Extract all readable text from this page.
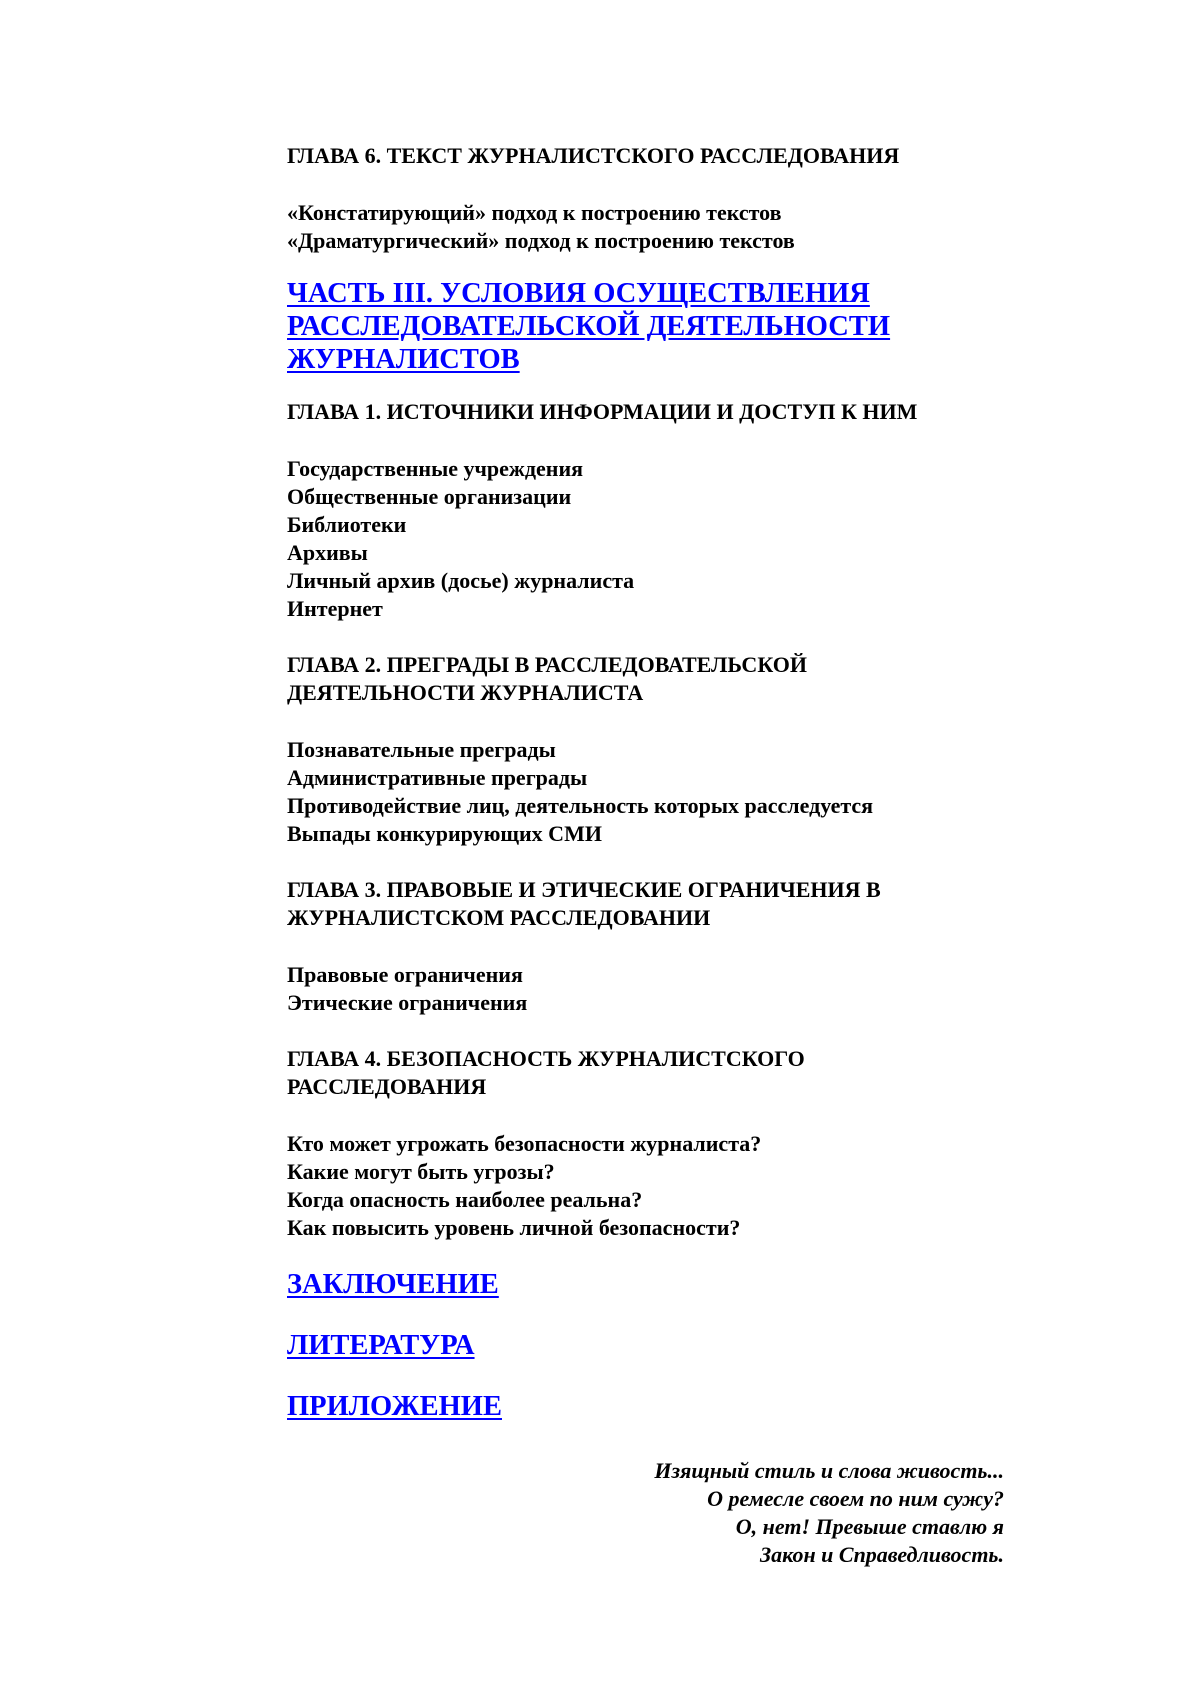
ГЛАВА 6. ТЕКСТ ЖУРНАЛИСТСКОГО РАССЛЕДОВАНИЯ

«Констатирующий» подход к построению текстов
«Драматургический» подход к построению текстов
ЧАСТЬ III. УСЛОВИЯ ОСУЩЕСТВЛЕНИЯ
РАССЛЕДОВАТЕЛЬСКОЙ ДЕЯТЕЛЬНОСТИ
ЖУРНАЛИСТОВ

ГЛАВА 1. ИСТОЧНИКИ ИНФОРМАЦИИ И ДОСТУП К НИМ

Государственные учреждения
Общественные организации
Библиотеки
Архивы
Личный архив (досье) журналиста
Интернет
ГЛАВА 2. ПРЕГРАДЫ В РАССЛЕДОВАТЕЛЬСКОЙ
ДЕЯТЕЛЬНОСТИ ЖУРНАЛИСТА
Познавательные преграды
Административные преграды
Противодействие лиц, деятельность которых расследуется
Выпады конкурирующих СМИ
ГЛАВА 3. ПРАВОВЫЕ И ЭТИЧЕСКИЕ ОГРАНИЧЕНИЯ В
ЖУРНАЛИСТСКОМ РАССЛЕДОВАНИИ
Правовые ограничения
Этические ограничения
ГЛАВА 4. БЕЗОПАСНОСТЬ ЖУРНАЛИСТСКОГО
РАССЛЕДОВАНИЯ
Кто может угрожать безопасности журналиста?
Какие могут быть угрозы?
Когда опасность наиболее реальна?
Как повысить уровень личной безопасности?
ЗАКЛЮЧЕНИЕ
ЛИТЕРАТУРА
ПРИЛОЖЕНИЕ
Изящный стиль и слова живость...
О ремесле своем по ним сужу?
О, нет! Превыше ставлю я
Закон и Справедливость.
